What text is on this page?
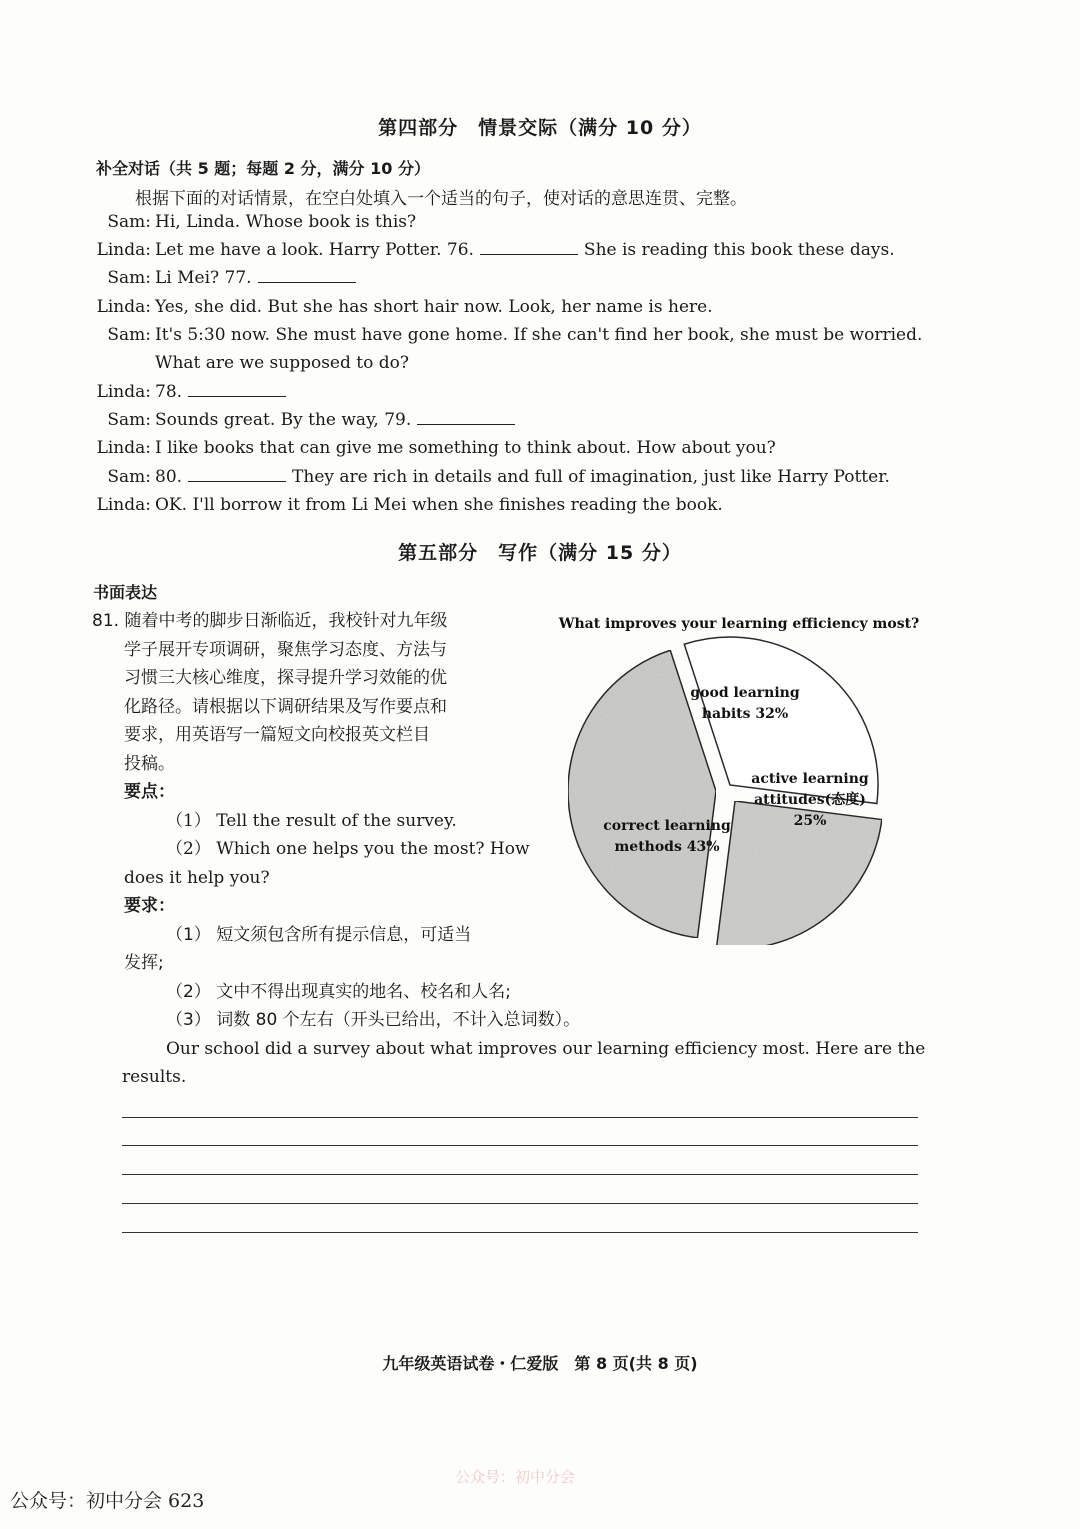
第四部分　情景交际（满分 10 分）
补全对话（共 5 题；每题 2 分，满分 10 分）
根据下面的对话情景，在空白处填入一个适当的句子，使对话的意思连贯、完整。
Sam: Hi, Linda. Whose book is this?
Linda: Let me have a look. Harry Potter. 76.	She is reading this book these days.
Sam: Li Mei? 77.
Linda: Yes, she did. But she has short hair now. Look, her name is here.
Sam: It's 5:30 now. She must have gone home. If she can't find her book, she must be worried.
What are we supposed to do?
Linda: 78.
Sam: Sounds great. By the way, 79.
Linda: I like books that can give me something to think about. How about you?
Sam: 80.	They are rich in details and full of imagination, just like Harry Potter.
Linda: OK. I'll borrow it from Li Mei when she finishes reading the book.
第五部分　写作（满分 15 分）
书面表达
81. 随着中考的脚步日渐临近，我校针对九年级
学子展开专项调研，聚焦学习态度、方法与
习惯三大核心维度，探寻提升学习效能的优
化路径。请根据以下调研结果及写作要点和
要求，用英语写一篇短文向校报英文栏目
投稿。
要点：
（1） Tell the result of the survey.
（2） Which one helps you the most? How
does it help you?
要求：
（1） 短文须包含所有提示信息，可适当
发挥;
（2） 文中不得出现真实的地名、校名和人名;
（3） 词数 80 个左右（开头已给出，不计入总词数）。
What improves your learning efficiency most?
good learning
habits 32%
active learning
attitudes(态度)
25%
correct learning
methods 43%
Our school did a survey about what improves our learning efficiency most. Here are the
results.
九年级英语试卷・仁爱版　第 8 页(共 8 页)
公众号：初中分会
公众号：初中分会 623
